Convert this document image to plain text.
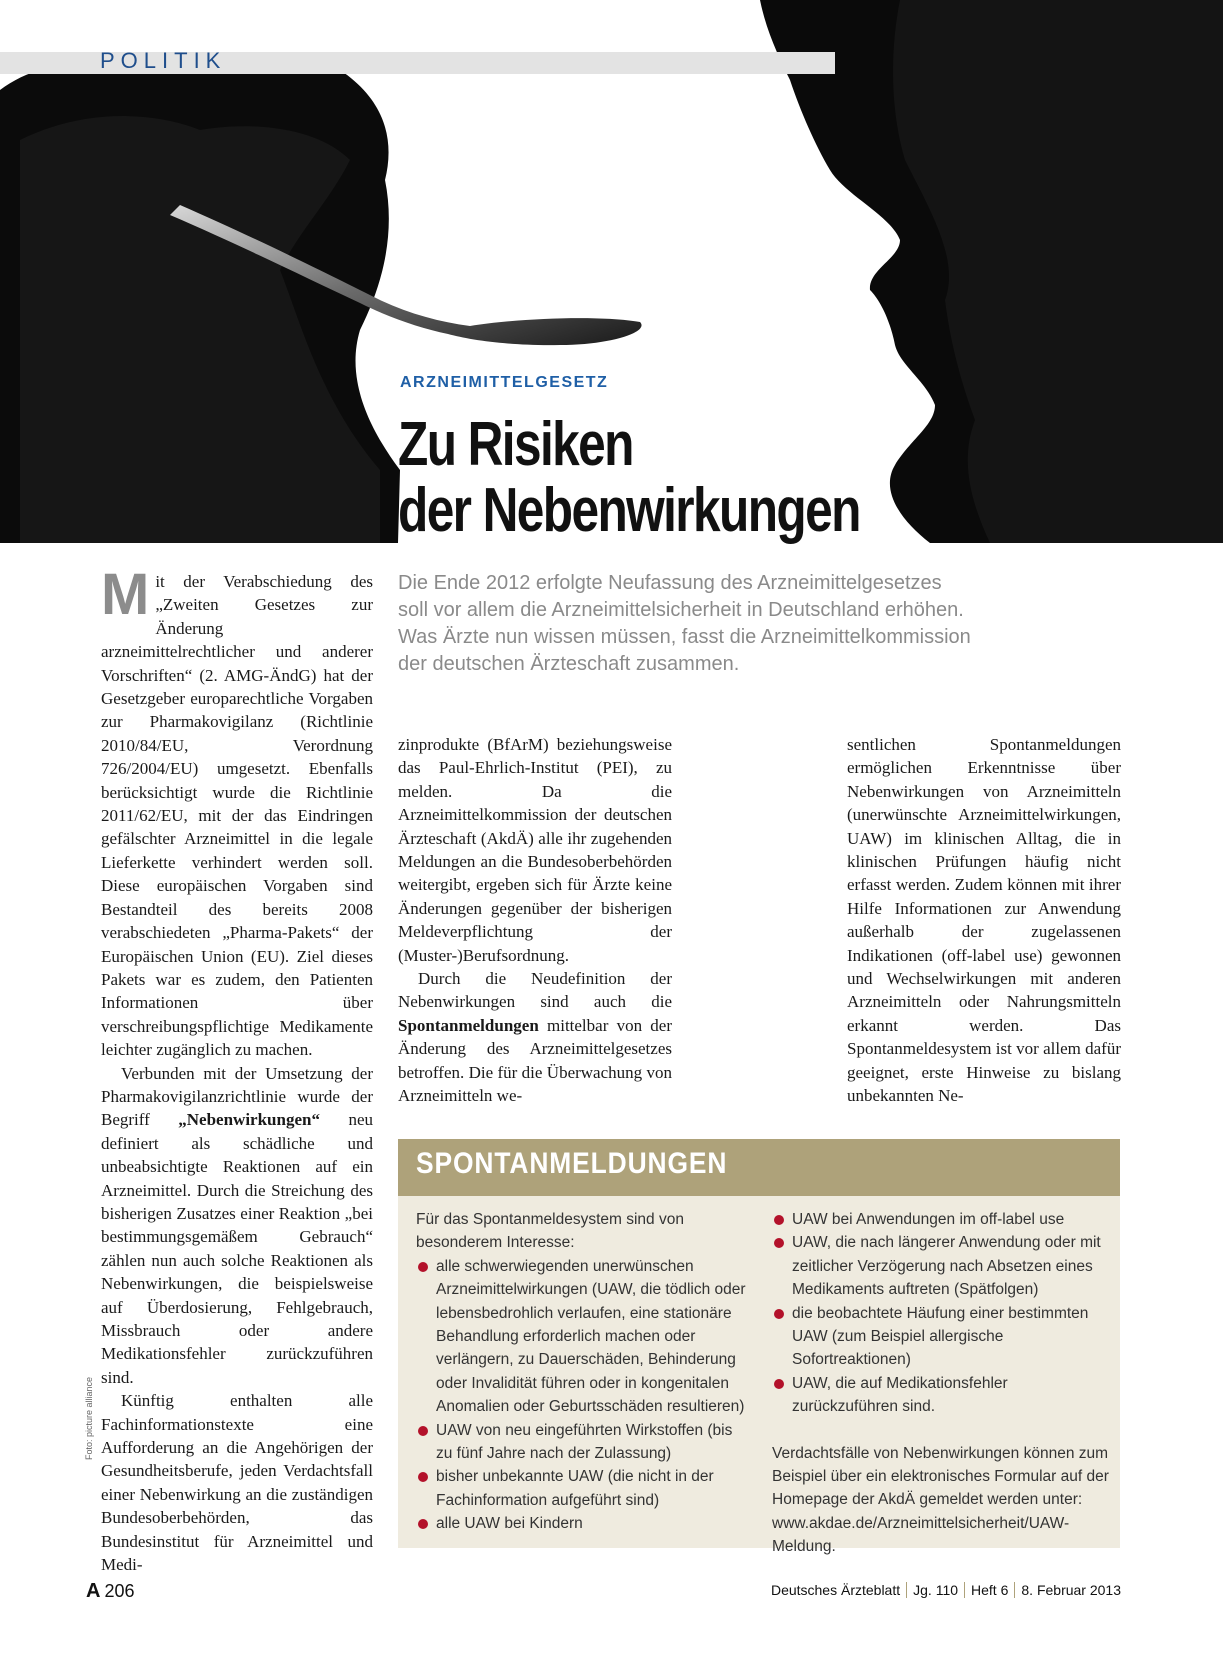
POLITIK
ARZNEIMITTELGESETZ
Zu Risiken
der Nebenwirkungen
Die Ende 2012 erfolgte Neufassung des Arzneimittelgesetzes
soll vor allem die Arzneimittelsicherheit in Deutschland erhöhen.
Was Ärzte nun wissen müssen, fasst die Arzneimittelkommission
der deutschen Ärzteschaft zusammen.

Mit der Verabschiedung des „Zweiten Gesetzes zur Änderung arzneimittelrechtlicher und anderer Vorschriften“ (2. AMG-ÄndG) hat der Gesetzgeber europarechtliche Vorgaben zur Pharmakovigilanz (Richtlinie 2010/84/EU, Verordnung 726/2004/EU) umgesetzt. Ebenfalls berücksichtigt wurde die Richtlinie 2011/62/EU, mit der das Eindringen gefälschter Arzneimittel in die legale Lieferkette verhindert werden soll. Diese europäischen Vorgaben sind Bestandteil des bereits 2008 verabschiedeten „Pharma-Pakets“ der Europäischen Union (EU). Ziel dieses Pakets war es zudem, den Patienten Informationen über verschreibungspflichtige Medikamente leichter zugänglich zu machen.

Verbunden mit der Umsetzung der Pharmakovigilanzrichtlinie wurde der Begriff „Nebenwirkungen“ neu definiert als schädliche und unbeabsichtigte Reaktionen auf ein Arzneimittel. Durch die Streichung des bisherigen Zusatzes einer Reaktion „bei bestimmungsgemäßem Gebrauch“ zählen nun auch solche Reaktionen als Nebenwirkungen, die beispielsweise auf Überdosierung, Fehlgebrauch, Missbrauch oder andere Medikationsfehler zurückzuführen sind.

Künftig enthalten alle Fachinformationstexte eine Aufforderung an die Angehörigen der Gesundheitsberufe, jeden Verdachtsfall einer Nebenwirkung an die zuständigen Bundesoberbehörden, das Bundesinstitut für Arzneimittel und Medi-

zinprodukte (BfArM) beziehungsweise das Paul-Ehrlich-Institut (PEI), zu melden. Da die Arzneimittelkommission der deutschen Ärzteschaft (AkdÄ) alle ihr zugehenden Meldungen an die Bundesoberbehörden weitergibt, ergeben sich für Ärzte keine Änderungen gegenüber der bisherigen Meldeverpflichtung der (Muster-)Berufsordnung.

Durch die Neudefinition der Nebenwirkungen sind auch die Spontanmeldungen mittelbar von der Änderung des Arzneimittelgesetzes betroffen. Die für die Überwachung von Arzneimitteln we-

sentlichen Spontanmeldungen ermöglichen Erkenntnisse über Nebenwirkungen von Arzneimitteln (unerwünschte Arzneimittelwirkungen, UAW) im klinischen Alltag, die in klinischen Prüfungen häufig nicht erfasst werden. Zudem können mit ihrer Hilfe Informationen zur Anwendung außerhalb der zugelassenen Indikationen (off-label use) gewonnen und Wechselwirkungen mit anderen Arzneimitteln oder Nahrungsmitteln erkannt werden. Das Spontanmeldesystem ist vor allem dafür geeignet, erste Hinweise zu bislang unbekannten Ne-

SPONTANMELDUNGEN

Für das Spontanmeldesystem sind von besonderem Interesse:

alle schwerwiegenden unerwünschen Arzneimittelwirkungen (UAW, die tödlich oder lebensbedrohlich verlaufen, eine stationäre Behandlung erforderlich machen oder verlängern, zu Dauerschäden, Behinderung oder Invalidität führen oder in kongenitalen Anomalien oder Geburtsschäden resultieren)
UAW von neu eingeführten Wirkstoffen (bis zu fünf Jahre nach der Zulassung)
bisher unbekannte UAW (die nicht in der Fachinformation aufgeführt sind)
alle UAW bei Kindern
UAW bei Anwendungen im off-label use
UAW, die nach längerer Anwendung oder mit zeitlicher Verzögerung nach Absetzen eines Medikaments auftreten (Spätfolgen)
die beobachtete Häufung einer bestimmten UAW (zum Beispiel allergische Sofortreaktionen)
UAW, die auf Medikationsfehler zurückzuführen sind.

Verdachtsfälle von Nebenwirkungen können zum Beispiel über ein elektronisches Formular auf der Homepage der AkdÄ gemeldet werden unter: www.akdae.de/Arzneimittelsicherheit/UAW-Meldung.

Foto: picture alliance
A 206	Deutsches Ärzteblatt Jg. 110 Heft 6 8. Februar 2013
